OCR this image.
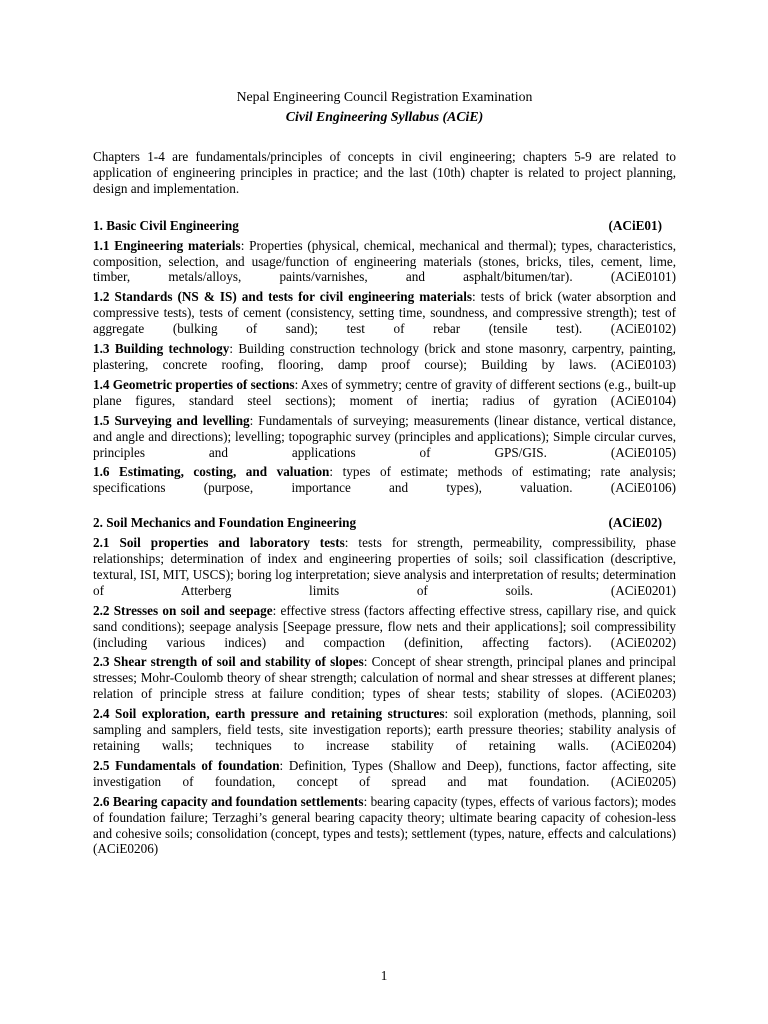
Nepal Engineering Council Registration Examination

Civil Engineering Syllabus (ACiE)

Chapters 1-4 are fundamentals/principles of concepts in civil engineering; chapters 5-9 are related to application of engineering principles in practice; and the last (10th) chapter is related to project planning, design and implementation.

1. Basic Civil Engineering	(ACiE01)

1.1 Engineering materials: Properties (physical, chemical, mechanical and thermal); types, characteristics, composition, selection, and usage/function of engineering materials (stones, bricks, tiles, cement, lime, timber, metals/alloys, paints/varnishes, and asphalt/bitumen/tar).	(ACiE0101)

1.2 Standards (NS & IS) and tests for civil engineering materials: tests of brick (water absorption and compressive tests), tests of cement (consistency, setting time, soundness, and compressive strength); test of aggregate (bulking of sand); test of rebar (tensile test). (ACiE0102)

1.3 Building technology: Building construction technology (brick and stone masonry, carpentry, painting, plastering, concrete roofing, flooring, damp proof course); Building by laws. (ACiE0103)

1.4 Geometric properties of sections: Axes of symmetry; centre of gravity of different sections (e.g., built-up plane figures, standard steel sections); moment of inertia; radius of gyration (ACiE0104)

1.5 Surveying and levelling: Fundamentals of surveying; measurements (linear distance, vertical distance, and angle and directions); levelling; topographic survey (principles and applications); Simple circular curves, principles and applications of GPS/GIS.	(ACiE0105)

1.6 Estimating, costing, and valuation: types of estimate; methods of estimating; rate analysis; specifications (purpose, importance and types), valuation.	(ACiE0106)

2. Soil Mechanics and Foundation Engineering	(ACiE02)

2.1 Soil properties and laboratory tests: tests for strength, permeability, compressibility, phase relationships; determination of index and engineering properties of soils; soil classification (descriptive, textural, ISI, MIT, USCS); boring log interpretation; sieve analysis and interpretation of results; determination of Atterberg limits of soils.	(ACiE0201)

2.2 Stresses on soil and seepage: effective stress (factors affecting effective stress, capillary rise, and quick sand conditions); seepage analysis [Seepage pressure, flow nets and their applications]; soil compressibility (including various indices) and compaction (definition, affecting factors). (ACiE0202)

2.3 Shear strength of soil and stability of slopes: Concept of shear strength, principal planes and principal stresses; Mohr-Coulomb theory of shear strength; calculation of normal and shear stresses at different planes; relation of principle stress at failure condition; types of shear tests; stability of slopes. (ACiE0203)

2.4 Soil exploration, earth pressure and retaining structures: soil exploration (methods, planning, soil sampling and samplers, field tests, site investigation reports); earth pressure theories; stability analysis of retaining walls; techniques to increase stability of retaining walls. (ACiE0204)

2.5 Fundamentals of foundation: Definition, Types (Shallow and Deep), functions, factor affecting, site investigation of foundation, concept of spread and mat foundation. (ACiE0205)

2.6 Bearing capacity and foundation settlements: bearing capacity (types, effects of various factors); modes of foundation failure; Terzaghi’s general bearing capacity theory; ultimate bearing capacity of cohesion-less and cohesive soils; consolidation (concept, types and tests); settlement (types, nature, effects and calculations) (ACiE0206)

1
